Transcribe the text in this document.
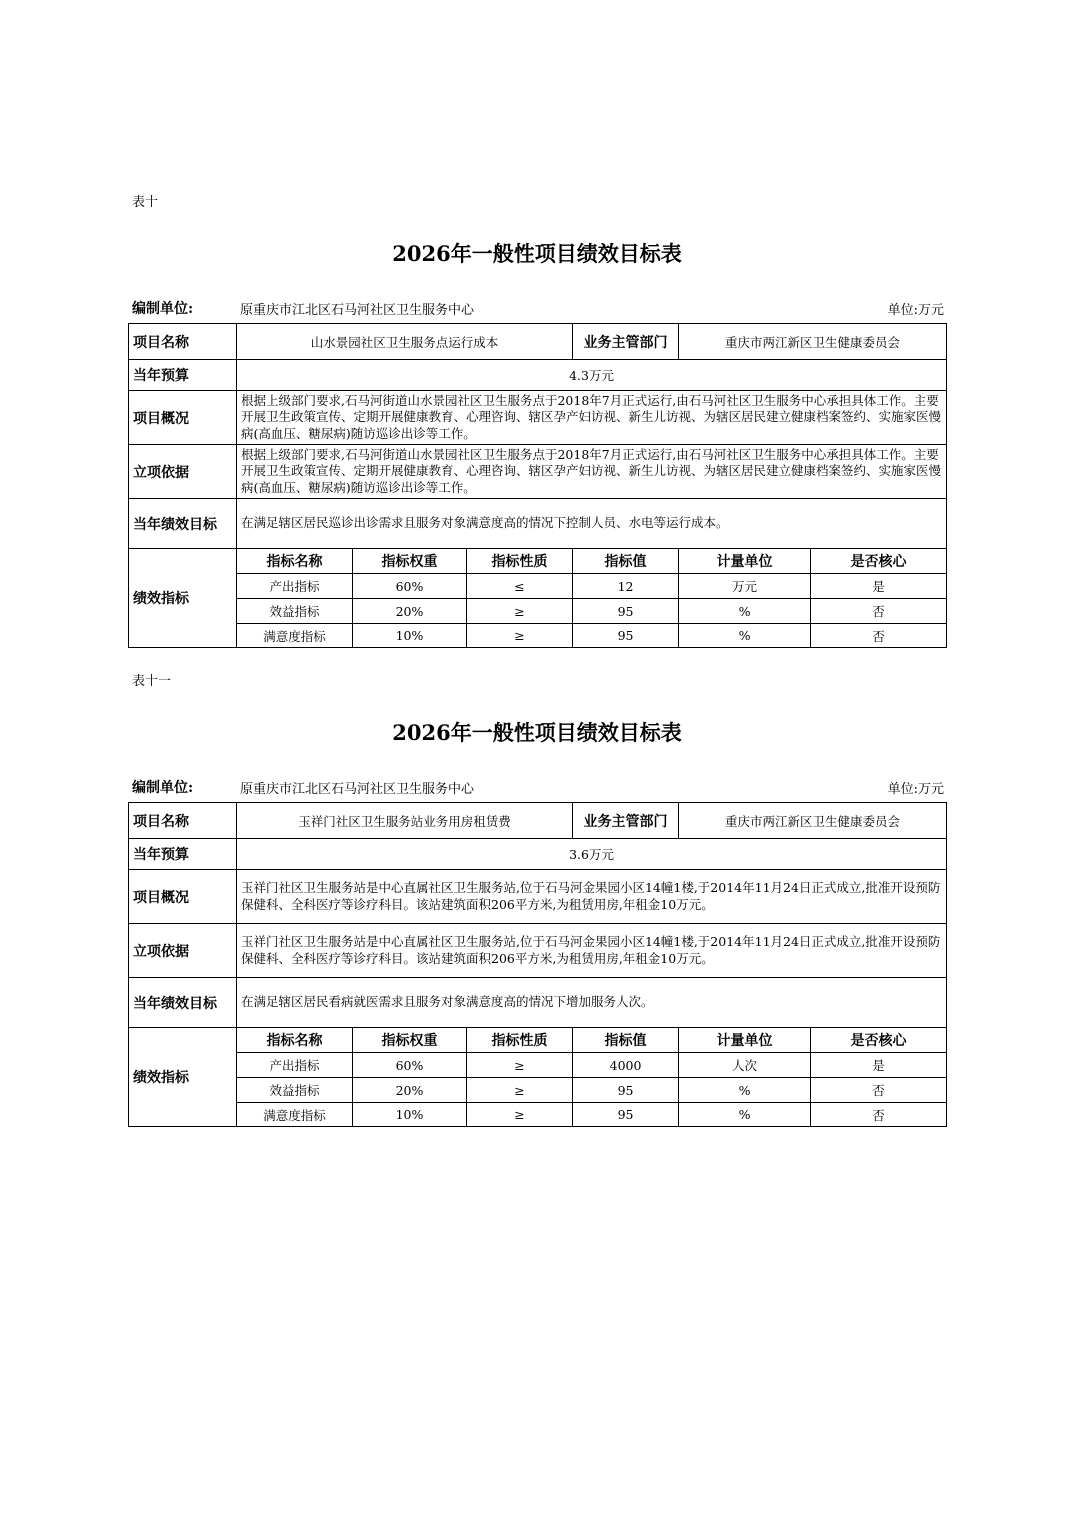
表十
2026年一般性项目绩效目标表
编制单位:	原重庆市江北区石马河社区卫生服务中心	单位:万元
项目名称	山水景园社区卫生服务点运行成本			业务主管部门	重庆市两江新区卫生健康委员会	
当年预算	4.3万元					
项目概况	根据上级部门要求,石马河街道山水景园社区卫生服务点于2018年7月正式运行,由石马河社区卫生服务中心承担具体工作。主要开展卫生政策宣传、定期开展健康教育、心理咨询、辖区孕产妇访视、新生儿访视、为辖区居民建立健康档案签约、实施家医慢病(高血压、糖尿病)随访巡诊出诊等工作。					
立项依据	根据上级部门要求,石马河街道山水景园社区卫生服务点于2018年7月正式运行,由石马河社区卫生服务中心承担具体工作。主要开展卫生政策宣传、定期开展健康教育、心理咨询、辖区孕产妇访视、新生儿访视、为辖区居民建立健康档案签约、实施家医慢病(高血压、糖尿病)随访巡诊出诊等工作。					
当年绩效目标	在满足辖区居民巡诊出诊需求且服务对象满意度高的情况下控制人员、水电等运行成本。					
绩效指标	指标名称	指标权重	指标性质	指标值	计量单位	是否核心
	产出指标	60%	≤	12	万元	是
	效益指标	20%	≥	95	%	否
	满意度指标	10%	≥	95	%	否
表十一
2026年一般性项目绩效目标表
编制单位:	原重庆市江北区石马河社区卫生服务中心	单位:万元
项目名称	玉祥门社区卫生服务站业务用房租赁费			业务主管部门	重庆市两江新区卫生健康委员会	
当年预算	3.6万元					
项目概况	玉祥门社区卫生服务站是中心直属社区卫生服务站,位于石马河金果园小区14幢1楼,于2014年11月24日正式成立,批准开设预防保健科、全科医疗等诊疗科目。该站建筑面积206平方米,为租赁用房,年租金10万元。					
立项依据	玉祥门社区卫生服务站是中心直属社区卫生服务站,位于石马河金果园小区14幢1楼,于2014年11月24日正式成立,批准开设预防保健科、全科医疗等诊疗科目。该站建筑面积206平方米,为租赁用房,年租金10万元。					
当年绩效目标	在满足辖区居民看病就医需求且服务对象满意度高的情况下增加服务人次。					
绩效指标	指标名称	指标权重	指标性质	指标值	计量单位	是否核心
	产出指标	60%	≥	4000	人次	是
	效益指标	20%	≥	95	%	否
	满意度指标	10%	≥	95	%	否
